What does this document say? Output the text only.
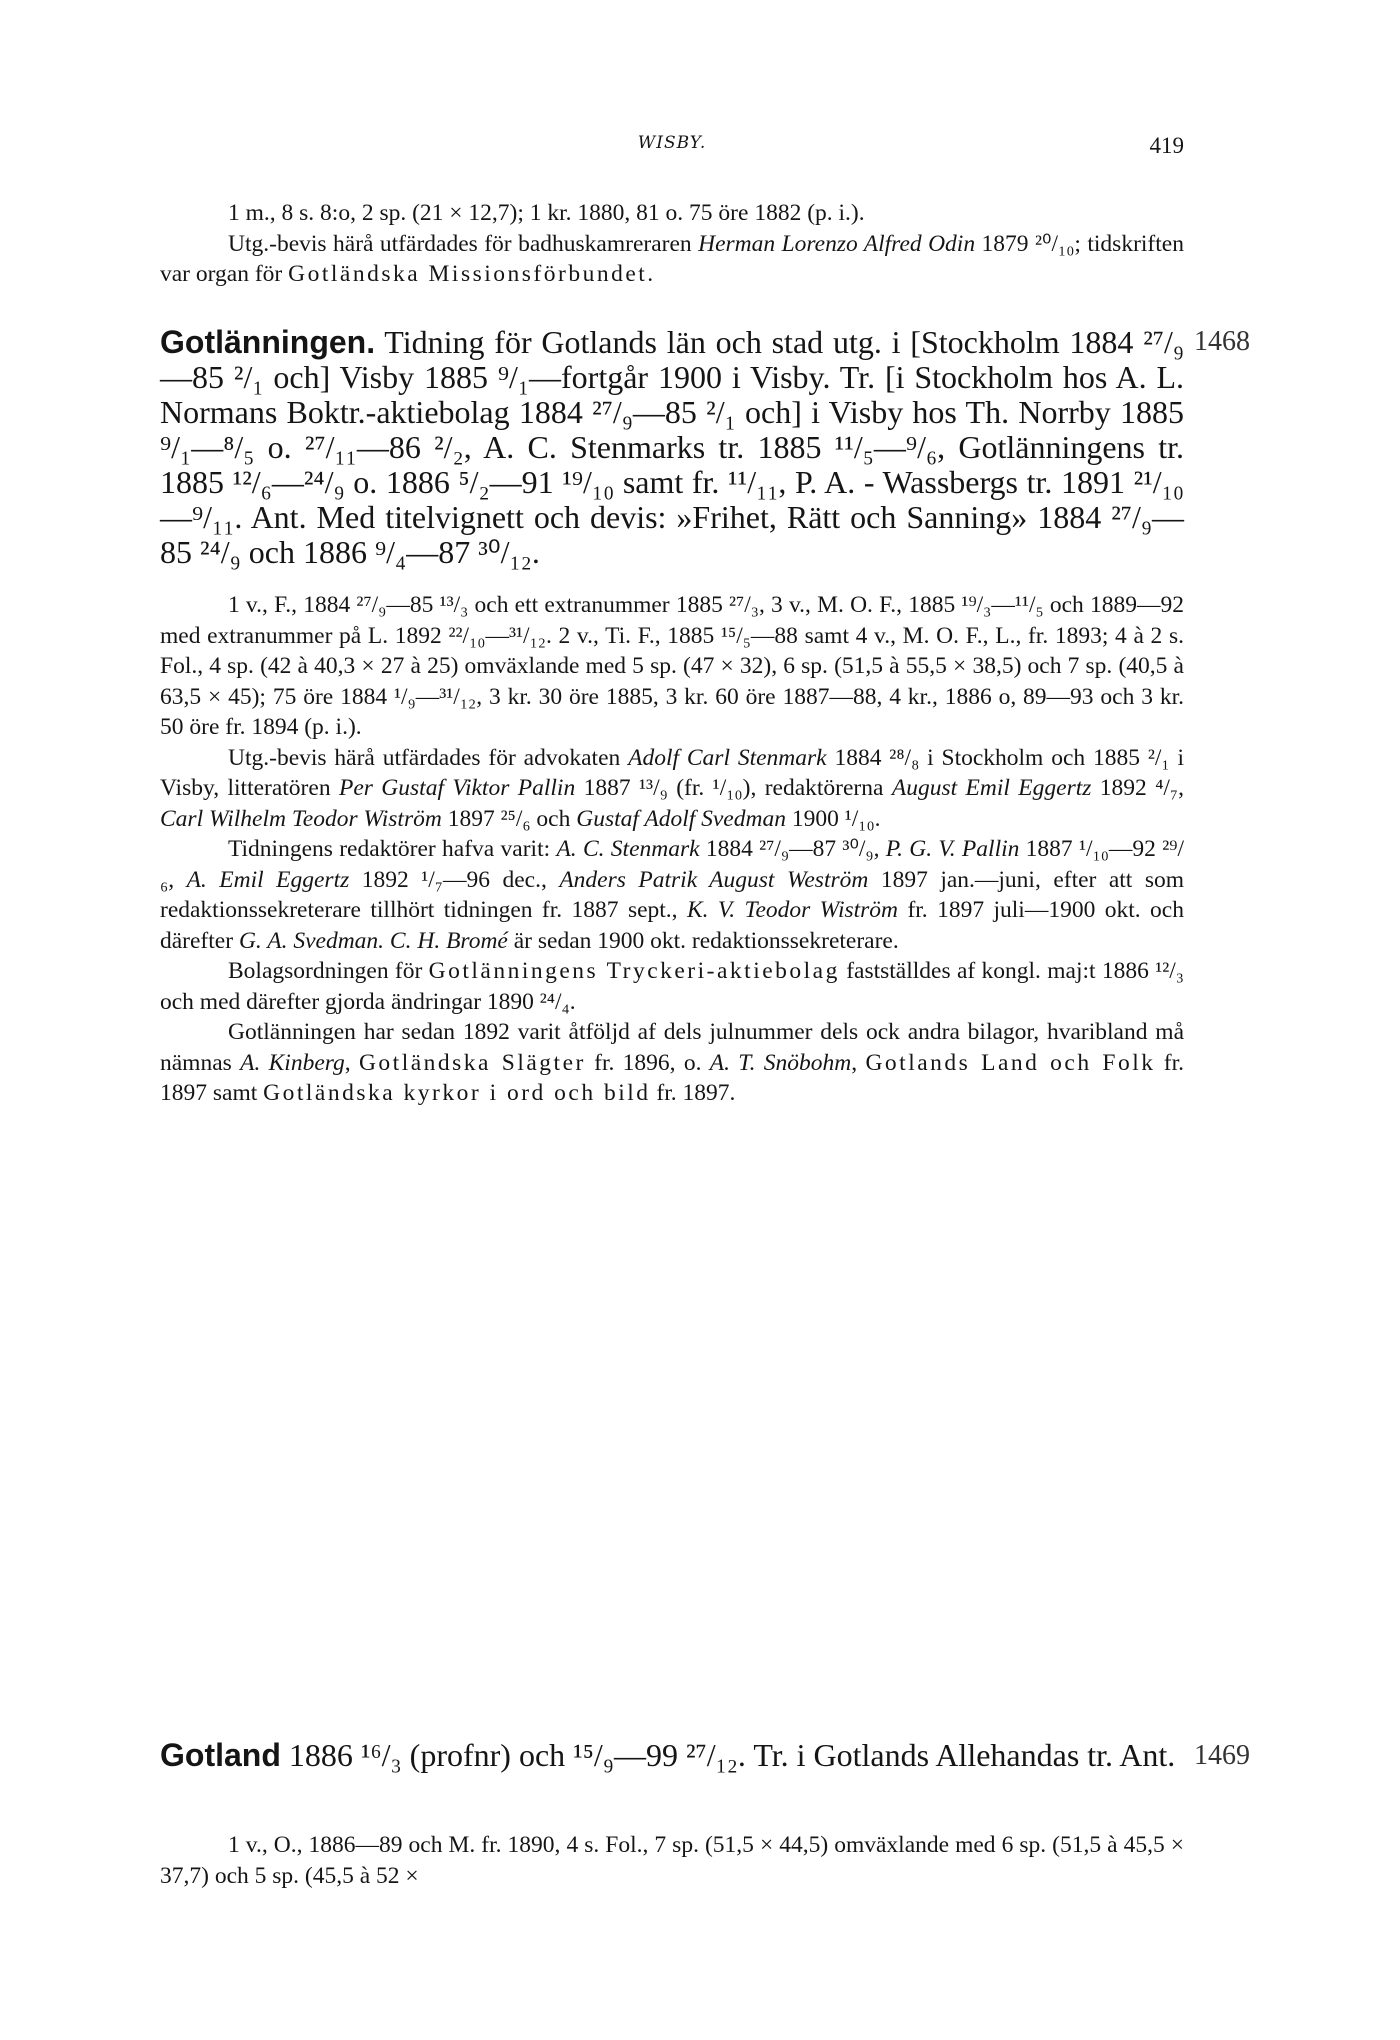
WISBY.	419

1 m., 8 s. 8:o, 2 sp. (21 × 12,7); 1 kr. 1880, 81 o. 75 öre 1882 (p. i.).

Utg.-bevis härå utfärdades för badhuskamreraren Herman Lorenzo Alfred Odin 1879 ²⁰/₁₀; tidskriften var organ för Gotländska Missionsförbundet.

1468

Gotlänningen. Tidning för Gotlands län och stad utg. i [Stockholm 1884 ²⁷/₉—85 ²/₁ och] Visby 1885 ⁹/₁—fortgår 1900 i Visby. Tr. [i Stockholm hos A. L. Normans Boktr.-aktiebolag 1884 ²⁷/₉—85 ²/₁ och] i Visby hos Th. Norrby 1885 ⁹/₁—⁸/₅ o. ²⁷/₁₁—86 ²/₂, A. C. Stenmarks tr. 1885 ¹¹/₅—⁹/₆, Gotlänningens tr. 1885 ¹²/₆—²⁴/₉ o. 1886 ⁵/₂—91 ¹⁹/₁₀ samt fr. ¹¹/₁₁, P. A. - Wassbergs tr. 1891 ²¹/₁₀—⁹/₁₁. Ant. Med titelvignett och devis: »Frihet, Rätt och Sanning» 1884 ²⁷/₉—85 ²⁴/₉ och 1886 ⁹/₄—87 ³⁰/₁₂.

1 v., F., 1884 ²⁷/₉—85 ¹³/₃ och ett extranummer 1885 ²⁷/₃, 3 v., M. O. F., 1885 ¹⁹/₃—¹¹/₅ och 1889—92 med extranummer på L. 1892 ²²/₁₀—³¹/₁₂. 2 v., Ti. F., 1885 ¹⁵/₅—88 samt 4 v., M. O. F., L., fr. 1893; 4 à 2 s. Fol., 4 sp. (42 à 40,3 × 27 à 25) omväxlande med 5 sp. (47 × 32), 6 sp. (51,5 à 55,5 × 38,5) och 7 sp. (40,5 à 63,5 × 45); 75 öre 1884 ¹/₉—³¹/₁₂, 3 kr. 30 öre 1885, 3 kr. 60 öre 1887—88, 4 kr., 1886 o, 89—93 och 3 kr. 50 öre fr. 1894 (p. i.).

Utg.-bevis härå utfärdades för advokaten Adolf Carl Stenmark 1884 ²⁸/₈ i Stockholm och 1885 ²/₁ i Visby, litteratören Per Gustaf Viktor Pallin 1887 ¹³/₉ (fr. ¹/₁₀), redaktörerna August Emil Eggertz 1892 ⁴/₇, Carl Wilhelm Teodor Wiström 1897 ²⁵/₆ och Gustaf Adolf Svedman 1900 ¹/₁₀.

Tidningens redaktörer hafva varit: A. C. Stenmark 1884 ²⁷/₉—87 ³⁰/₉, P. G. V. Pallin 1887 ¹/₁₀—92 ²⁹/₆, A. Emil Eggertz 1892 ¹/₇—96 dec., Anders Patrik August Weström 1897 jan.—juni, efter att som redaktionssekreterare tillhört tidningen fr. 1887 sept., K. V. Teodor Wiström fr. 1897 juli—1900 okt. och därefter G. A. Svedman. C. H. Bromé är sedan 1900 okt. redaktionssekreterare.

Bolagsordningen för Gotlänningens Tryckeri-aktiebolag fastställdes af kongl. maj:t 1886 ¹²/₃ och med därefter gjorda ändringar 1890 ²⁴/₄.

Gotlänningen har sedan 1892 varit åtföljd af dels julnummer dels ock andra bilagor, hvaribland må nämnas A. Kinberg, Gotländska Slägter fr. 1896, o. A. T. Snöbohm, Gotlands Land och Folk fr. 1897 samt Gotländska kyrkor i ord och bild fr. 1897.

1469

Gotland 1886 ¹⁶/₃ (profnr) och ¹⁵/₉—99 ²⁷/₁₂. Tr. i Gotlands Allehandas tr. Ant.

1 v., O., 1886—89 och M. fr. 1890, 4 s. Fol., 7 sp. (51,5 × 44,5) omväxlande med 6 sp. (51,5 à 45,5 × 37,7) och 5 sp. (45,5 à 52 ×
